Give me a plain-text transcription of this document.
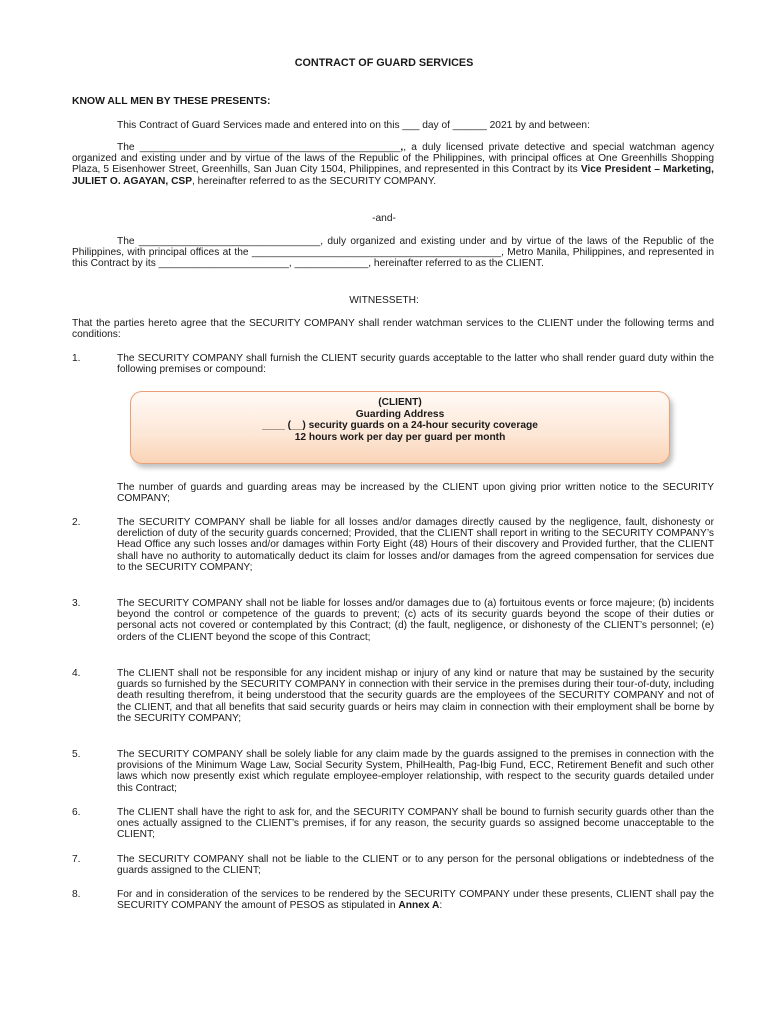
CONTRACT OF GUARD SERVICES
KNOW ALL MEN BY THESE PRESENTS:
This Contract of Guard Services made and entered into on this ___ day of ______ 2021 by and between:
The ______________________________________________,, a duly licensed private detective and special watchman agency organized and existing under and by virtue of the laws of the Republic of the Philippines, with principal offices at One Greenhills Shopping Plaza, 5 Eisenhower Street, Greenhills, San Juan City 1504, Philippines, and represented in this Contract by its Vice President – Marketing, JULIET O. AGAYAN, CSP, hereinafter referred to as the SECURITY COMPANY.
-and-
The ________________________________, duly organized and existing under and by virtue of the laws of the Republic of the Philippines, with principal offices at the ____________________________________________, Metro Manila, Philippines, and represented in this Contract by its _______________________, _____________, hereinafter referred to as the CLIENT.
WITNESSETH:
That the parties hereto agree that the SECURITY COMPANY shall render watchman services to the CLIENT under the following terms and conditions:
1.	The SECURITY COMPANY shall furnish the CLIENT security guards acceptable to the latter who shall render guard duty within the following premises or compound:
(CLIENT)
Guarding Address
____ (__) security guards on a 24-hour security coverage
12 hours work per day per guard per month
The number of guards and guarding areas may be increased by the CLIENT upon giving prior written notice to the SECURITY COMPANY;
2.	The SECURITY COMPANY shall be liable for all losses and/or damages directly caused by the negligence, fault, dishonesty or dereliction of duty of the security guards concerned; Provided, that the CLIENT shall report in writing to the SECURITY COMPANY’s Head Office any such losses and/or damages within Forty Eight (48) Hours of their discovery and Provided further, that the CLIENT shall have no authority to automatically deduct its claim for losses and/or damages from the agreed compensation for services due to the SECURITY COMPANY;
3.	The SECURITY COMPANY shall not be liable for losses and/or damages due to (a) fortuitous events or force majeure; (b) incidents beyond the control or competence of the guards to prevent; (c) acts of its security guards beyond the scope of their duties or personal acts not covered or contemplated by this Contract; (d) the fault, negligence, or dishonesty of the CLIENT’s personnel; (e) orders of the CLIENT beyond the scope of this Contract;
4.	The CLIENT shall not be responsible for any incident mishap or injury of any kind or nature that may be sustained by the security guards so furnished by the SECURITY COMPANY in connection with their service in the premises during their tour-of-duty, including death resulting therefrom, it being understood that the security guards are the employees of the SECURITY COMPANY and not of the CLIENT, and that all benefits that said security guards or heirs may claim in connection with their employment shall be borne by the SECURITY COMPANY;
5.	The SECURITY COMPANY shall be solely liable for any claim made by the guards assigned to the premises in connection with the provisions of the Minimum Wage Law, Social Security System, PhilHealth, Pag-Ibig Fund, ECC, Retirement Benefit and such other laws which now presently exist which regulate employee-employer relationship, with respect to the security guards detailed under this Contract;
6.	The CLIENT shall have the right to ask for, and the SECURITY COMPANY shall be bound to furnish security guards other than the ones actually assigned to the CLIENT’s premises, if for any reason, the security guards so assigned become unacceptable to the CLIENT;
7.	The SECURITY COMPANY shall not be liable to the CLIENT or to any person for the personal obligations or indebtedness of the guards assigned to the CLIENT;
8.	For and in consideration of the services to be rendered by the SECURITY COMPANY under these presents, CLIENT shall pay the SECURITY COMPANY the amount of PESOS as stipulated in Annex A:
